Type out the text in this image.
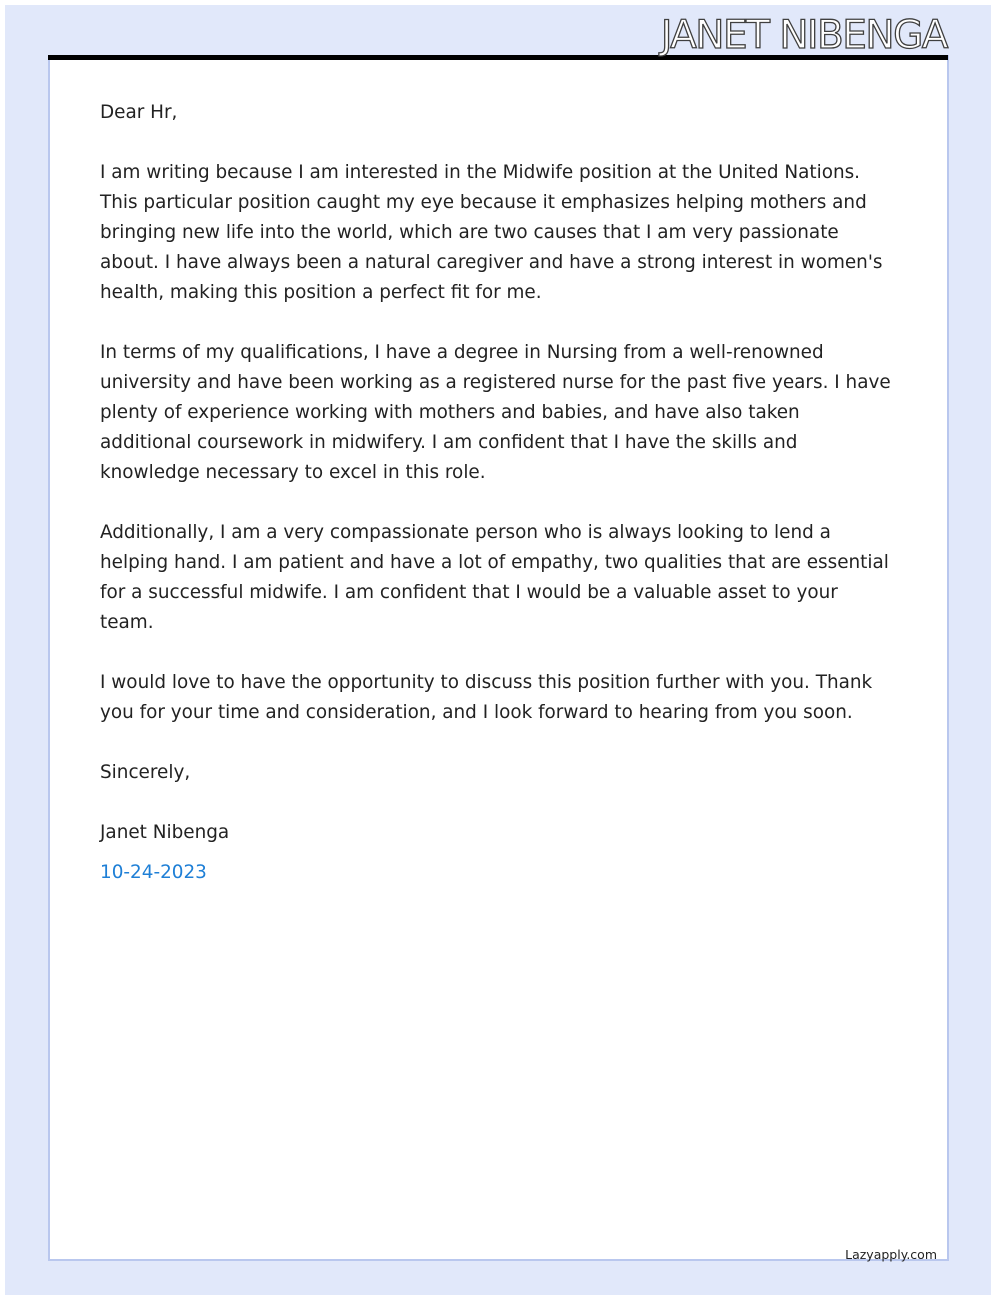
JANET NIBENGA

Dear Hr,

I am writing because I am interested in the Midwife position at the United Nations. This particular position caught my eye because it emphasizes helping mothers and bringing new life into the world, which are two causes that I am very passionate about. I have always been a natural caregiver and have a strong interest in women's health, making this position a perfect fit for me.

In terms of my qualifications, I have a degree in Nursing from a well-renowned university and have been working as a registered nurse for the past five years. I have plenty of experience working with mothers and babies, and have also taken additional coursework in midwifery. I am confident that I have the skills and knowledge necessary to excel in this role.

Additionally, I am a very compassionate person who is always looking to lend a helping hand. I am patient and have a lot of empathy, two qualities that are essential for a successful midwife. I am confident that I would be a valuable asset to your team.

I would love to have the opportunity to discuss this position further with you. Thank you for your time and consideration, and I look forward to hearing from you soon.

Sincerely,

Janet Nibenga

10-24-2023

Lazyapply.com
